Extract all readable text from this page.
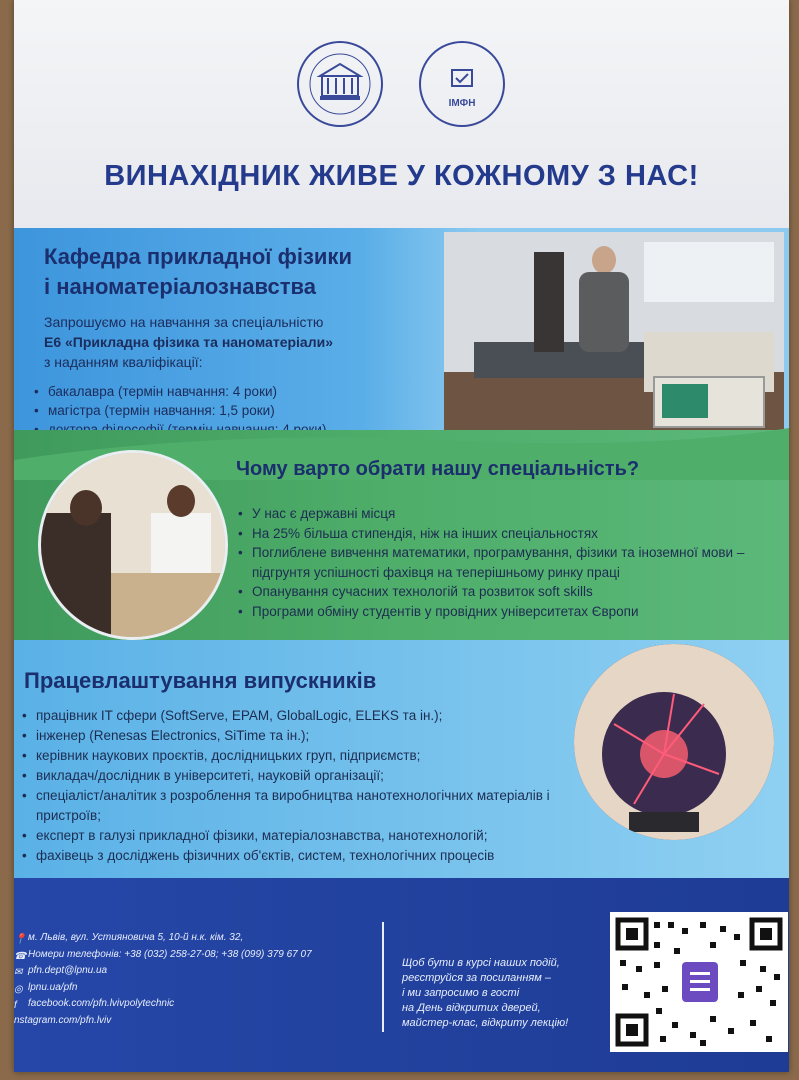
ІМФН
ВИНАХІДНИК ЖИВЕ У КОЖНОМУ З НАС!
Кафедра прикладної фізики
і наноматеріалознавства
Запрошуємо на навчання за спеціальністю
Е6 «Прикладна фізика та наноматеріали»
з наданням кваліфікації:
• бакалавра (термін навчання: 4 роки)
• магістра (термін навчання: 1,5 роки)
•
Чому варто обрати нашу спеціальність?
• У нас є державні місця
• На 25% більша стипендія, ніж на інших спеціальностях
• Поглиблене вивчення математики, програмування, фізики та іноземної мови – підгрунтя успішності фахівця на теперішньому ринку праці
• Опанування сучасних технологій та розвиток soft skills
• Програми обміну студентів у провідних університетах Європи
Працевлаштування випускників
• працівник IT сфери (SoftServe, EPAM, GlobalLogic, ELEKS та ін.);
• інженер (Renesas Electronics, SiTime та ін.);
• керівник наукових проєктів, дослідницьких груп, підприємств;
• викладач/дослідник в університеті, науковій організації;
• спеціаліст/аналітик з розроблення та виробництва нанотехнологічних матеріалів і пристроїв;
• експерт в галузі прикладної фізики, матеріалознавства, нанотехнологій;
• фахівець з досліджень фізичних об'єктів, систем, технологічних процесів
📍 м. Львів, вул. Устияновича 5, 10-й н.к. кім. 32,
☎ Номери телефонів: +38 (032) 258-27-08; +38 (099) 379 67 07
✉ pfn.dept@lpnu.ua
◎ lpnu.ua/pfn
f facebook.com/pfn.lvivpolytechnic
nstagram.com/pfn.lviv
Щоб бути в курсі наших подій,
реєструйся за посиланням –
і ми запросимо в гості
на День відкритих дверей,
майстер-клас, відкриту лекцію!
